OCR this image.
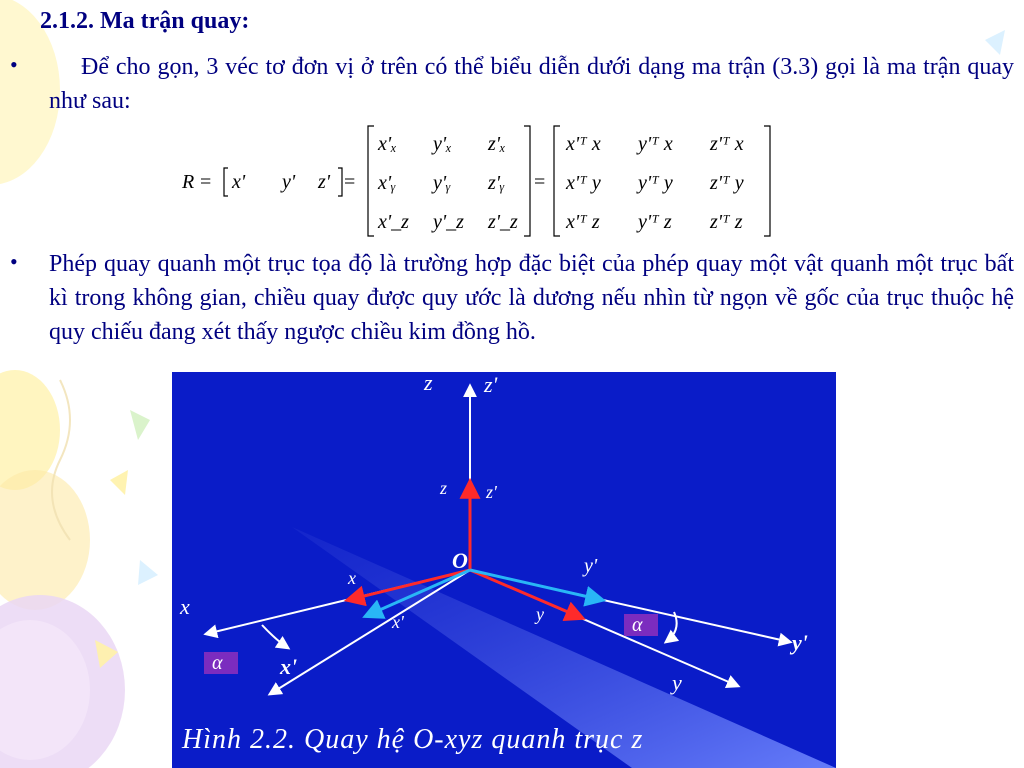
2.1.2. Ma trận quay:
•	Để cho gọn, 3 véc tơ đơn vị ở trên có thể biểu diễn dưới dạng ma trận (3.3) gọi là ma trận quay như sau:
R = x' y' z' =
x'ₓ y'ₓ z'ₓ
x'ᵧ y'ᵧ z'ᵧ
x'_z y'_z z'_z
=
x'ᵀ x y'ᵀ x z'ᵀ x
x'ᵀ y y'ᵀ y z'ᵀ y
x'ᵀ z y'ᵀ z z'ᵀ z
• Phép quay quanh một trục tọa độ là trường hợp đặc biệt của phép quay một vật quanh một trục bất kì trong không gian, chiều quay được quy ước là dương nếu nhìn từ ngọn về gốc của trục thuộc hệ quy chiếu đang xét thấy ngược chiều kim đồng hồ.
z z'
z z'
O
x
x
x'
x'
y'
y
y'
y
α
α
Hình 2.2. Quay hệ O-xyz quanh trục z
